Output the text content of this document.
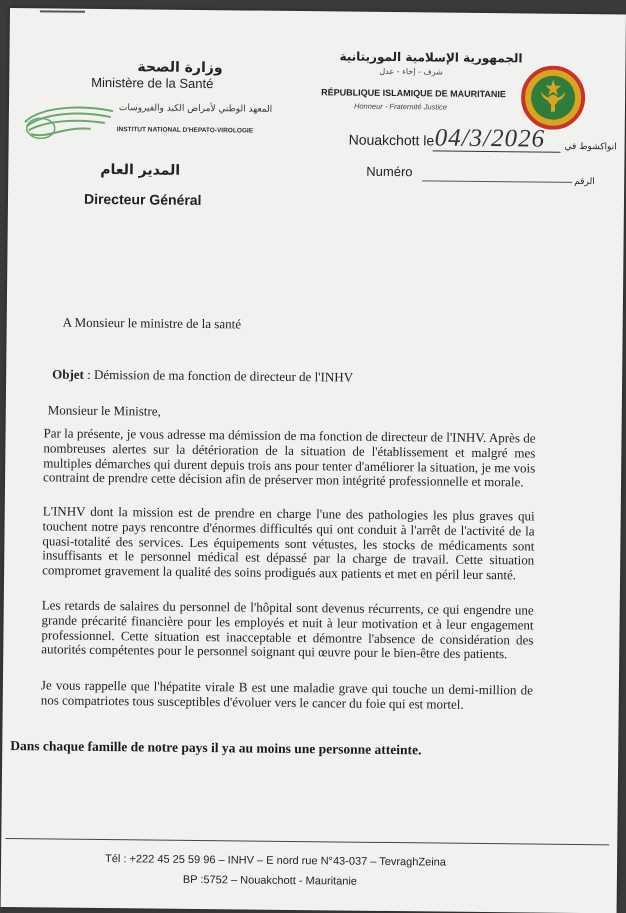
وزارة الصحة
Ministère de la Santé
المعهد الوطني لأمراض الكبد والفيروسات
INSTITUT NATIONAL D'HEPATO-VIROLOGIE
المدير العام
Directeur Général
الجمهورية الإسلامية الموريتانية
شرف - إخاء - عدل
RÉPUBLIQUE ISLAMIQUE DE MAURITANIE
Honneur - Fraternité Justice
Nouakchott le 04/3/2026 انواكشوط في
Numéro
الرقم
A Monsieur le ministre de la santé
Objet : Démission de ma fonction de directeur de l'INHV
Monsieur le Ministre,
Par la présente, je vous adresse ma démission de ma fonction de directeur de l'INHV. Après de nombreuses alertes sur la détérioration de la situation de l'établissement et malgré mes multiples démarches qui durent depuis trois ans pour tenter d'améliorer la situation, je me vois contraint de prendre cette décision afin de préserver mon intégrité professionnelle et morale.
L'INHV dont la mission est de prendre en charge l'une des pathologies les plus graves qui touchent notre pays rencontre d'énormes difficultés qui ont conduit à l'arrêt de l'activité de la quasi-totalité des services. Les équipements sont vétustes, les stocks de médicaments sont insuffisants et le personnel médical est dépassé par la charge de travail. Cette situation compromet gravement la qualité des soins prodigués aux patients et met en péril leur santé.
Les retards de salaires du personnel de l'hôpital sont devenus récurrents, ce qui engendre une grande précarité financière pour les employés et nuit à leur motivation et à leur engagement professionnel. Cette situation est inacceptable et démontre l'absence de considération des autorités compétentes pour le personnel soignant qui œuvre pour le bien-être des patients.
Je vous rappelle que l'hépatite virale B est une maladie grave qui touche un demi-million de nos compatriotes tous susceptibles d'évoluer vers le cancer du foie qui est mortel.
Dans chaque famille de notre pays il ya au moins une personne atteinte.
Tél : +222 45 25 59 96 – INHV – E nord rue N°43-037 – TevraghZeina
BP :5752 – Nouakchott - Mauritanie
